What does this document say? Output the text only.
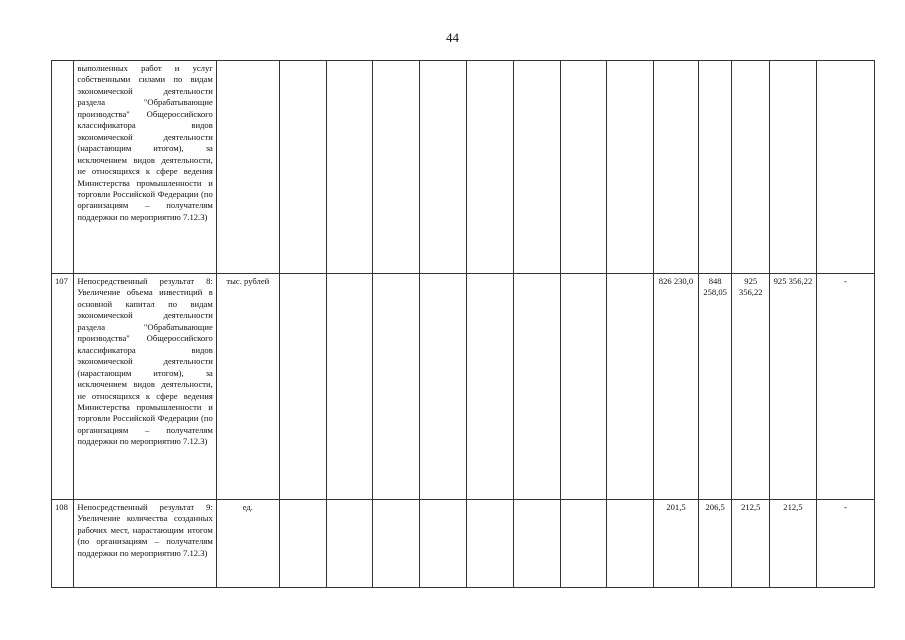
44
	выполненных работ и услуг собственными силами по видам экономической деятельности раздела "Обрабатывающие производства" Общероссийского классификатора видов экономической деятельности (нарастающим итогом), за исключением видов деятельности, не относящихся к сфере ведения Министерства промышленности и торговли Российской Федерации (по организациям – получателям поддержки по мероприятию 7.12.3)														
107	Непосредственный результат 8: Увеличение объема инвестиций в основной капитал по видам экономической деятельности раздела "Обрабатывающие производства" Общероссийского классификатора видов экономической деятельности (нарастающим итогом), за исключением видов деятельности, не относящихся к сфере ведения Министерства промышленности и торговли Российской Федерации (по организациям – получателям поддержки по мероприятию 7.12.3)	тыс. рублей									826 230,0	848 258,05	925 356,22	925 356,22	-
108	Непосредственный результат 9: Увеличение количества созданных рабочих мест, нарастающим итогом (по организациям – получателям поддержки по мероприятию 7.12.3)	ед.									201,5	206,5	212,5	212,5	-
